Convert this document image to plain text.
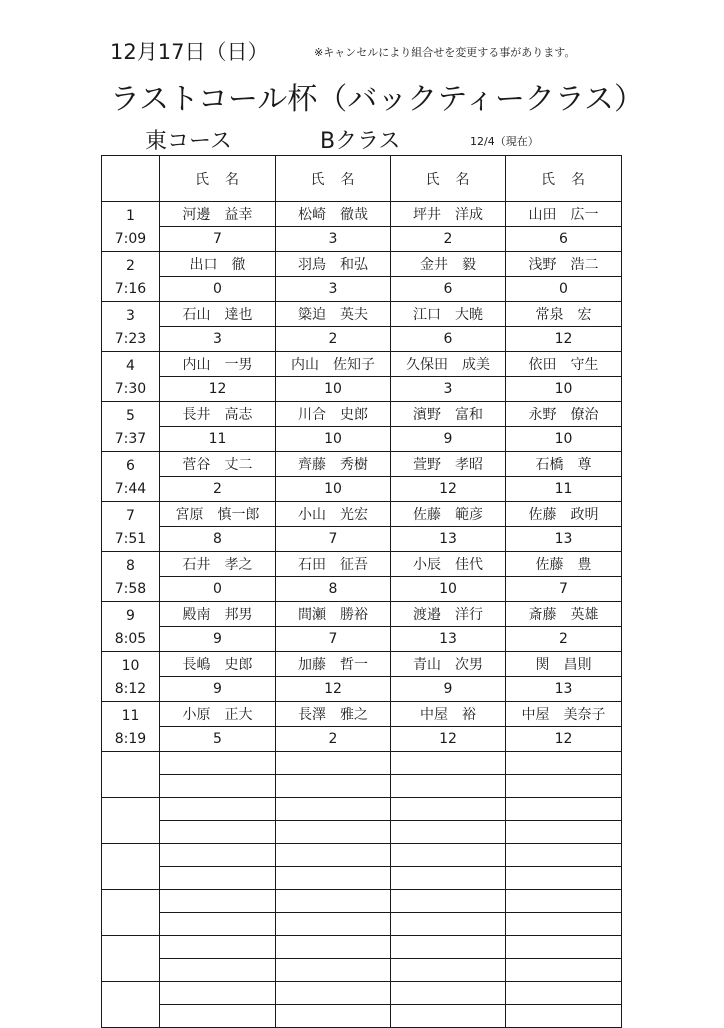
12月17日（日）	※キャンセルにより組合せを変更する事があります。
ラストコール杯（バックティークラス）
東コース	Bクラス	12/4（現在）
	氏　名	氏　名	氏　名	氏　名

1
7:09	河邊　益幸	松崎　徹哉	坪井　洋成	山田　広一
	7	3	2	6

2
7:16	出口　徹	羽鳥　和弘	金井　毅	浅野　浩二
	0	3	6	0

3
7:23	石山　達也	簗迫　英夫	江口　大暁	常泉　宏
	3	2	6	12

4
7:30	内山　一男	内山　佐知子	久保田　成美	依田　守生
	12	10	3	10

5
7:37	長井　高志	川合　史郎	濱野　富和	永野　僚治
	11	10	9	10

6
7:44	菅谷　丈二	齊藤　秀樹	萱野　孝昭	石橋　尊
	2	10	12	11

7
7:51	宮原　慎一郎	小山　光宏	佐藤　範彦	佐藤　政明
	8	7	13	13

8
7:58	石井　孝之	石田　征吾	小辰　佳代	佐藤　豊
	0	8	10	7

9
8:05	殿南　邦男	間瀬　勝裕	渡邉　洋行	斎藤　英雄
	9	7	13	2

10
8:12	長嶋　史郎	加藤　哲一	青山　次男	関　昌則
	9	12	9	13

11
8:19	小原　正大	長澤　雅之	中屋　裕	中屋　美奈子
	5	2	12	12
